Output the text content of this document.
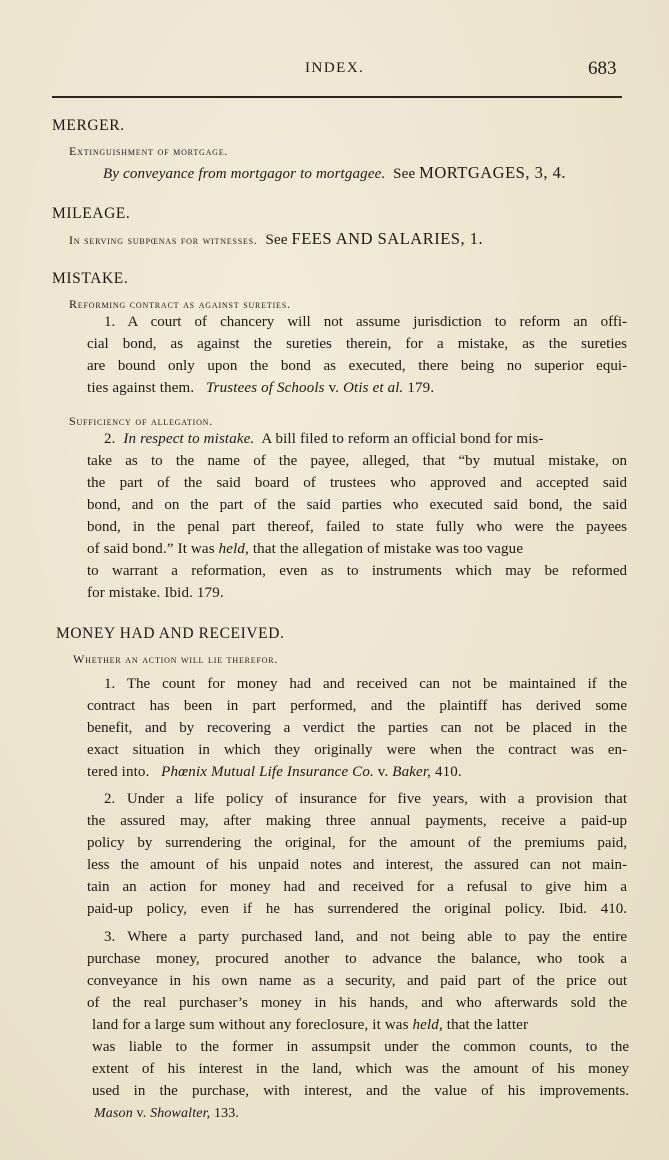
INDEX.	683
MERGER.
Extinguishment of mortgage.
By conveyance from mortgagor to mortgagee. See MORTGAGES, 3, 4.
MILEAGE.
In serving subpœnas for witnesses. See FEES AND SALARIES, 1.
MISTAKE.
Reforming contract as against sureties.
1. A court of chancery will not assume jurisdiction to reform an offi-
cial bond, as against the sureties therein, for a mistake, as the sureties
are bound only upon the bond as executed, there being no superior equi-
ties against them. Trustees of Schools v. Otis et al. 179.
Sufficiency of allegation.
2. In respect to mistake. A bill filed to reform an official bond for mis-
take as to the name of the payee, alleged, that “by mutual mistake, on
the part of the said board of trustees who approved and accepted said
bond, and on the part of the said parties who executed said bond, the said
bond, in the penal part thereof, failed to state fully who were the payees
of said bond.” It was held, that the allegation of mistake was too vague
to warrant a reformation, even as to instruments which may be reformed
for mistake. Ibid. 179.
MONEY HAD AND RECEIVED.
Whether an action will lie therefor.
1. The count for money had and received can not be maintained if the
contract has been in part performed, and the plaintiff has derived some
benefit, and by recovering a verdict the parties can not be placed in the
exact situation in which they originally were when the contract was en-
tered into. Phœnix Mutual Life Insurance Co. v. Baker, 410.
2. Under a life policy of insurance for five years, with a provision that
the assured may, after making three annual payments, receive a paid-up
policy by surrendering the original, for the amount of the premiums paid,
less the amount of his unpaid notes and interest, the assured can not main-
tain an action for money had and received for a refusal to give him a
paid-up policy, even if he has surrendered the original policy. Ibid. 410.
3. Where a party purchased land, and not being able to pay the entire
purchase money, procured another to advance the balance, who took a
conveyance in his own name as a security, and paid part of the price out
of the real purchaser’s money in his hands, and who afterwards sold the
land for a large sum without any foreclosure, it was held, that the latter
was liable to the former in assumpsit under the common counts, to the
extent of his interest in the land, which was the amount of his money
used in the purchase, with interest, and the value of his improvements.
Mason v. Showalter, 133.
